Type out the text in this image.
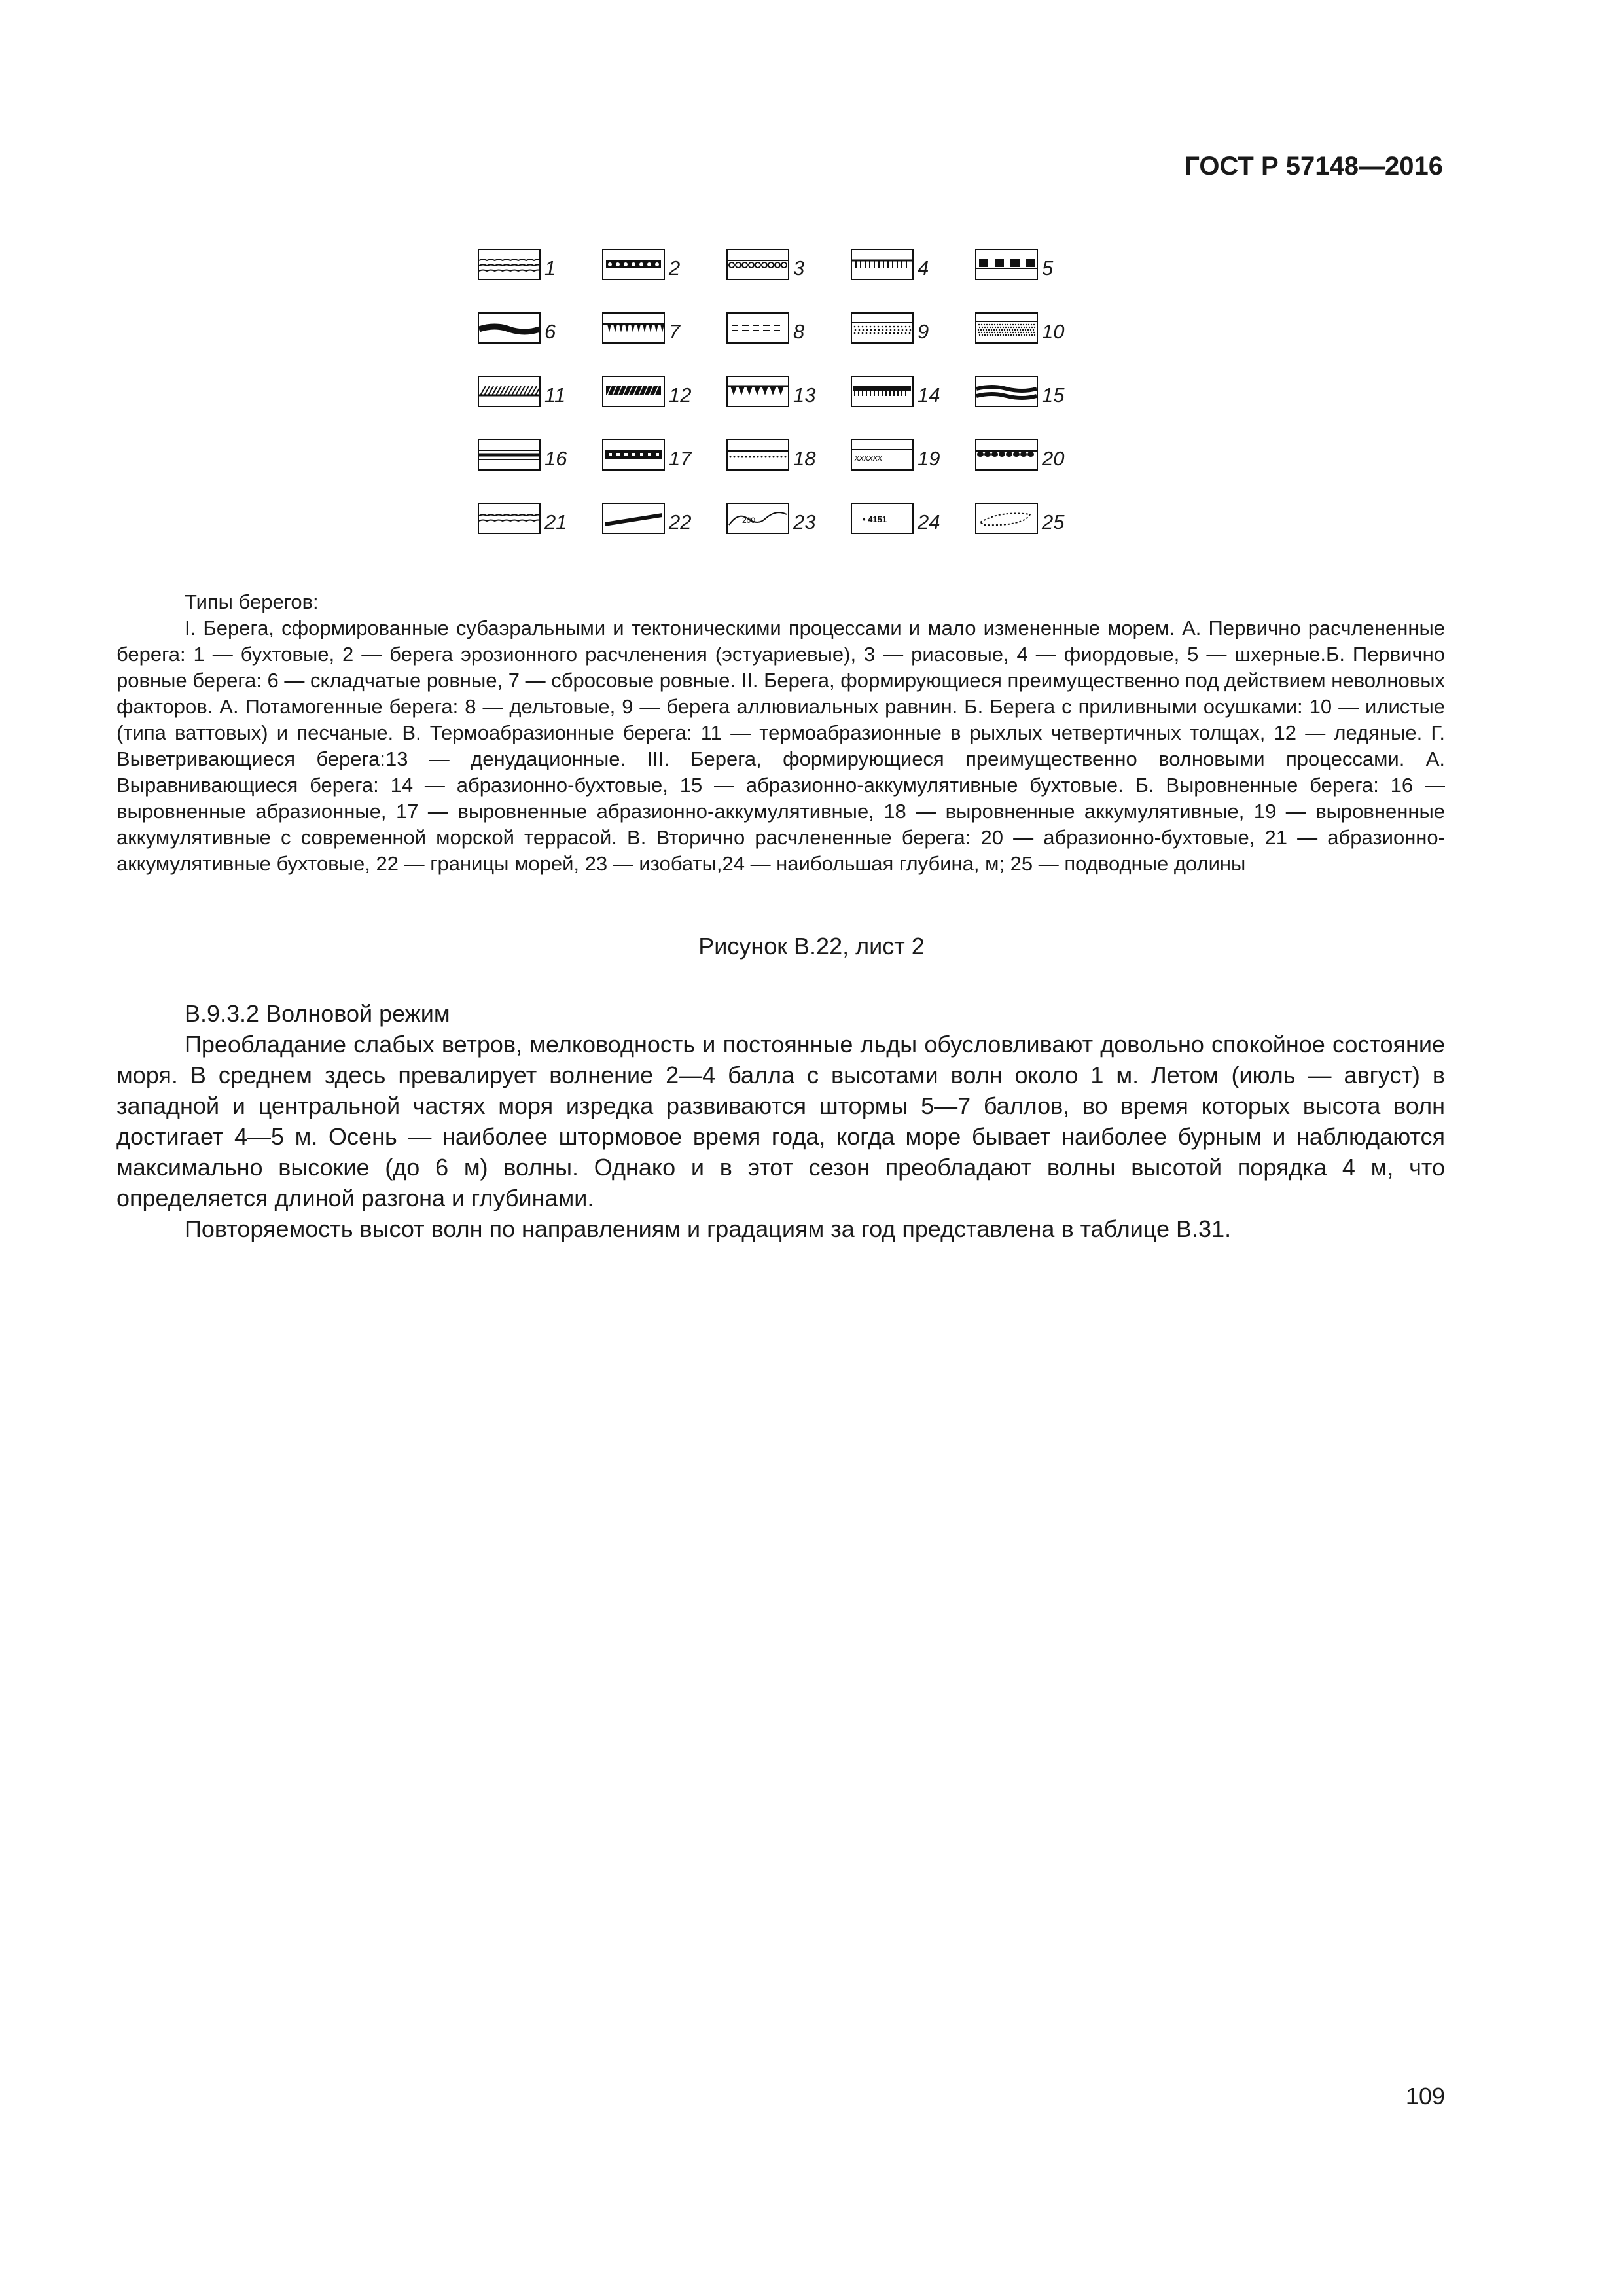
ГОСТ Р 57148—2016
1	2	3	4	5
6	7	8	9	10
11	12	13	14	15
16	17	18	xxxxxx 19	20
21	22	200 23	• 4151 24	25

Типы берегов:

I. Берега, сформированные субаэральными и тектоническими процессами и мало измененные морем. А. Первично расчлененные берега: 1 — бухтовые, 2 — берега эрозионного расчленения (эстуариевые), 3 — риасовые, 4 — фиордовые, 5 — шхерные.Б. Первично ровные берега: 6 — складчатые ровные, 7 — сбросовые ровные. II. Берега, формирующиеся преимущественно под действием неволновых факторов. А. Потамогенные берега: 8 — дельтовые, 9 — берега аллювиальных равнин. Б. Берега с приливными осушками: 10 — илистые (типа ваттовых) и песчаные. В. Термоабразионные берега: 11 — термоабразионные в рыхлых четвертичных толщах, 12 — ледяные. Г. Выветривающиеся берега:13 — денудационные. III. Берега, формирующиеся преимущественно волновыми процессами. А. Выравнивающиеся берега: 14 — абразионно-бухтовые, 15 — абразионно-аккумулятивные бухтовые. Б. Выровненные берега: 16 — выровненные абразионные, 17 — выровненные абразионно-аккумулятивные, 18 — выровненные аккумулятивные, 19 — выровненные аккумулятивные с современной морской террасой. В. Вторично расчлененные берега: 20 — абразионно-бухтовые, 21 — абразионно-аккумулятивные бухтовые, 22 — границы морей, 23 — изобаты,24 — наибольшая глубина, м; 25 — подводные долины

Рисунок В.22, лист 2

В.9.3.2 Волновой режим

Преобладание слабых ветров, мелководность и постоянные льды обусловливают довольно спокойное состояние моря. В среднем здесь превалирует волнение 2—4 балла с высотами волн около 1 м. Летом (июль — август) в западной и центральной частях моря изредка развиваются штормы 5—7 баллов, во время которых высота волн достигает 4—5 м. Осень — наиболее штормовое время года, когда море бывает наиболее бурным и наблюдаются максимально высокие (до 6 м) волны. Однако и в этот сезон преобладают волны высотой порядка 4 м, что определяется длиной разгона и глубинами.

Повторяемость высот волн по направлениям и градациям за год представлена в таблице В.31.

109
